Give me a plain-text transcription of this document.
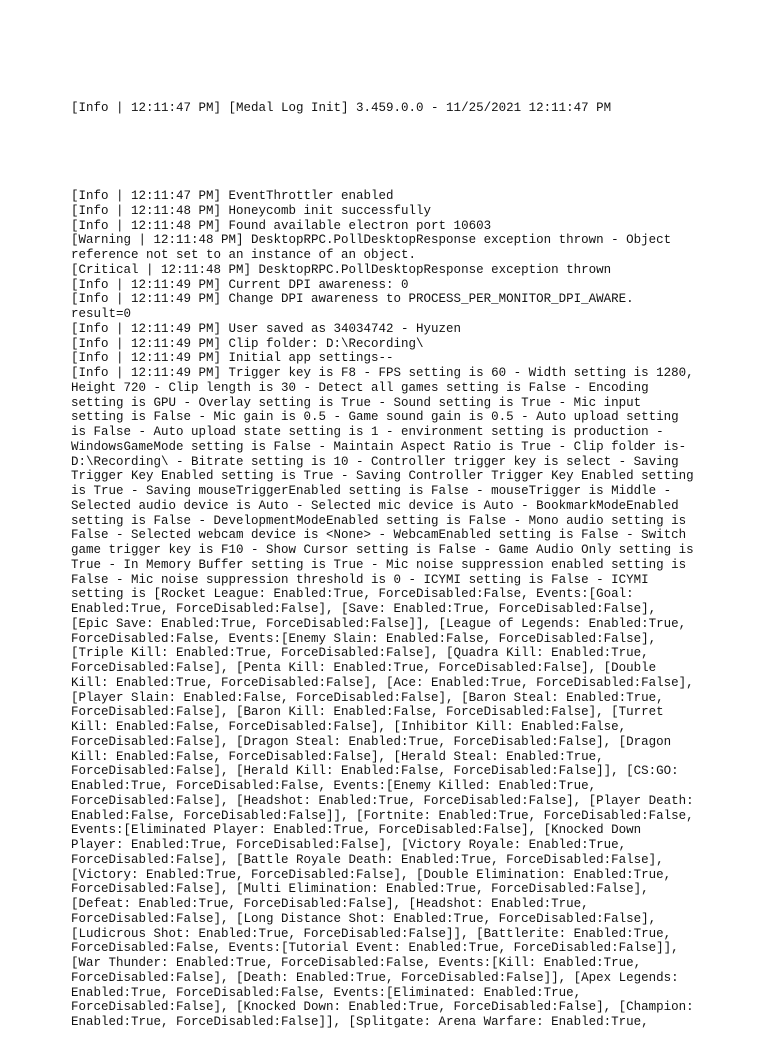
[Info | 12:11:47 PM] [Medal Log Init] 3.459.0.0 - 11/25/2021 12:11:47 PM

[Info | 12:11:47 PM] EventThrottler enabled
[Info | 12:11:48 PM] Honeycomb init successfully
[Info | 12:11:48 PM] Found available electron port 10603
[Warning | 12:11:48 PM] DesktopRPC.PollDesktopResponse exception thrown - Object
reference not set to an instance of an object.
[Critical | 12:11:48 PM] DesktopRPC.PollDesktopResponse exception thrown
[Info | 12:11:49 PM] Current DPI awareness: 0
[Info | 12:11:49 PM] Change DPI awareness to PROCESS_PER_MONITOR_DPI_AWARE.
result=0
[Info | 12:11:49 PM] User saved as 34034742 - Hyuzen
[Info | 12:11:49 PM] Clip folder: D:\Recording\
[Info | 12:11:49 PM] Initial app settings--
[Info | 12:11:49 PM] Trigger key is F8 - FPS setting is 60 - Width setting is 1280,
Height 720 - Clip length is 30 - Detect all games setting is False - Encoding
setting is GPU - Overlay setting is True - Sound setting is True - Mic input
setting is False - Mic gain is 0.5 - Game sound gain is 0.5 - Auto upload setting
is False - Auto upload state setting is 1 - environment setting is production -
WindowsGameMode setting is False - Maintain Aspect Ratio is True - Clip folder is-
D:\Recording\ - Bitrate setting is 10 - Controller trigger key is select - Saving
Trigger Key Enabled setting is True - Saving Controller Trigger Key Enabled setting
is True - Saving mouseTriggerEnabled setting is False - mouseTrigger is Middle -
Selected audio device is Auto - Selected mic device is Auto - BookmarkModeEnabled
setting is False - DevelopmentModeEnabled setting is False - Mono audio setting is
False - Selected webcam device is <None> - WebcamEnabled setting is False - Switch
game trigger key is F10 - Show Cursor setting is False - Game Audio Only setting is
True - In Memory Buffer setting is True - Mic noise suppression enabled setting is
False - Mic noise suppression threshold is 0 - ICYMI setting is False - ICYMI
setting is [Rocket League: Enabled:True, ForceDisabled:False, Events:[Goal:
Enabled:True, ForceDisabled:False], [Save: Enabled:True, ForceDisabled:False],
[Epic Save: Enabled:True, ForceDisabled:False]], [League of Legends: Enabled:True,
ForceDisabled:False, Events:[Enemy Slain: Enabled:False, ForceDisabled:False],
[Triple Kill: Enabled:True, ForceDisabled:False], [Quadra Kill: Enabled:True,
ForceDisabled:False], [Penta Kill: Enabled:True, ForceDisabled:False], [Double
Kill: Enabled:True, ForceDisabled:False], [Ace: Enabled:True, ForceDisabled:False],
[Player Slain: Enabled:False, ForceDisabled:False], [Baron Steal: Enabled:True,
ForceDisabled:False], [Baron Kill: Enabled:False, ForceDisabled:False], [Turret
Kill: Enabled:False, ForceDisabled:False], [Inhibitor Kill: Enabled:False,
ForceDisabled:False], [Dragon Steal: Enabled:True, ForceDisabled:False], [Dragon
Kill: Enabled:False, ForceDisabled:False], [Herald Steal: Enabled:True,
ForceDisabled:False], [Herald Kill: Enabled:False, ForceDisabled:False]], [CS:GO:
Enabled:True, ForceDisabled:False, Events:[Enemy Killed: Enabled:True,
ForceDisabled:False], [Headshot: Enabled:True, ForceDisabled:False], [Player Death:
Enabled:False, ForceDisabled:False]], [Fortnite: Enabled:True, ForceDisabled:False,
Events:[Eliminated Player: Enabled:True, ForceDisabled:False], [Knocked Down
Player: Enabled:True, ForceDisabled:False], [Victory Royale: Enabled:True,
ForceDisabled:False], [Battle Royale Death: Enabled:True, ForceDisabled:False],
[Victory: Enabled:True, ForceDisabled:False], [Double Elimination: Enabled:True,
ForceDisabled:False], [Multi Elimination: Enabled:True, ForceDisabled:False],
[Defeat: Enabled:True, ForceDisabled:False], [Headshot: Enabled:True,
ForceDisabled:False], [Long Distance Shot: Enabled:True, ForceDisabled:False],
[Ludicrous Shot: Enabled:True, ForceDisabled:False]], [Battlerite: Enabled:True,
ForceDisabled:False, Events:[Tutorial Event: Enabled:True, ForceDisabled:False]],
[War Thunder: Enabled:True, ForceDisabled:False, Events:[Kill: Enabled:True,
ForceDisabled:False], [Death: Enabled:True, ForceDisabled:False]], [Apex Legends:
Enabled:True, ForceDisabled:False, Events:[Eliminated: Enabled:True,
ForceDisabled:False], [Knocked Down: Enabled:True, ForceDisabled:False], [Champion:
Enabled:True, ForceDisabled:False]], [Splitgate: Arena Warfare: Enabled:True,
